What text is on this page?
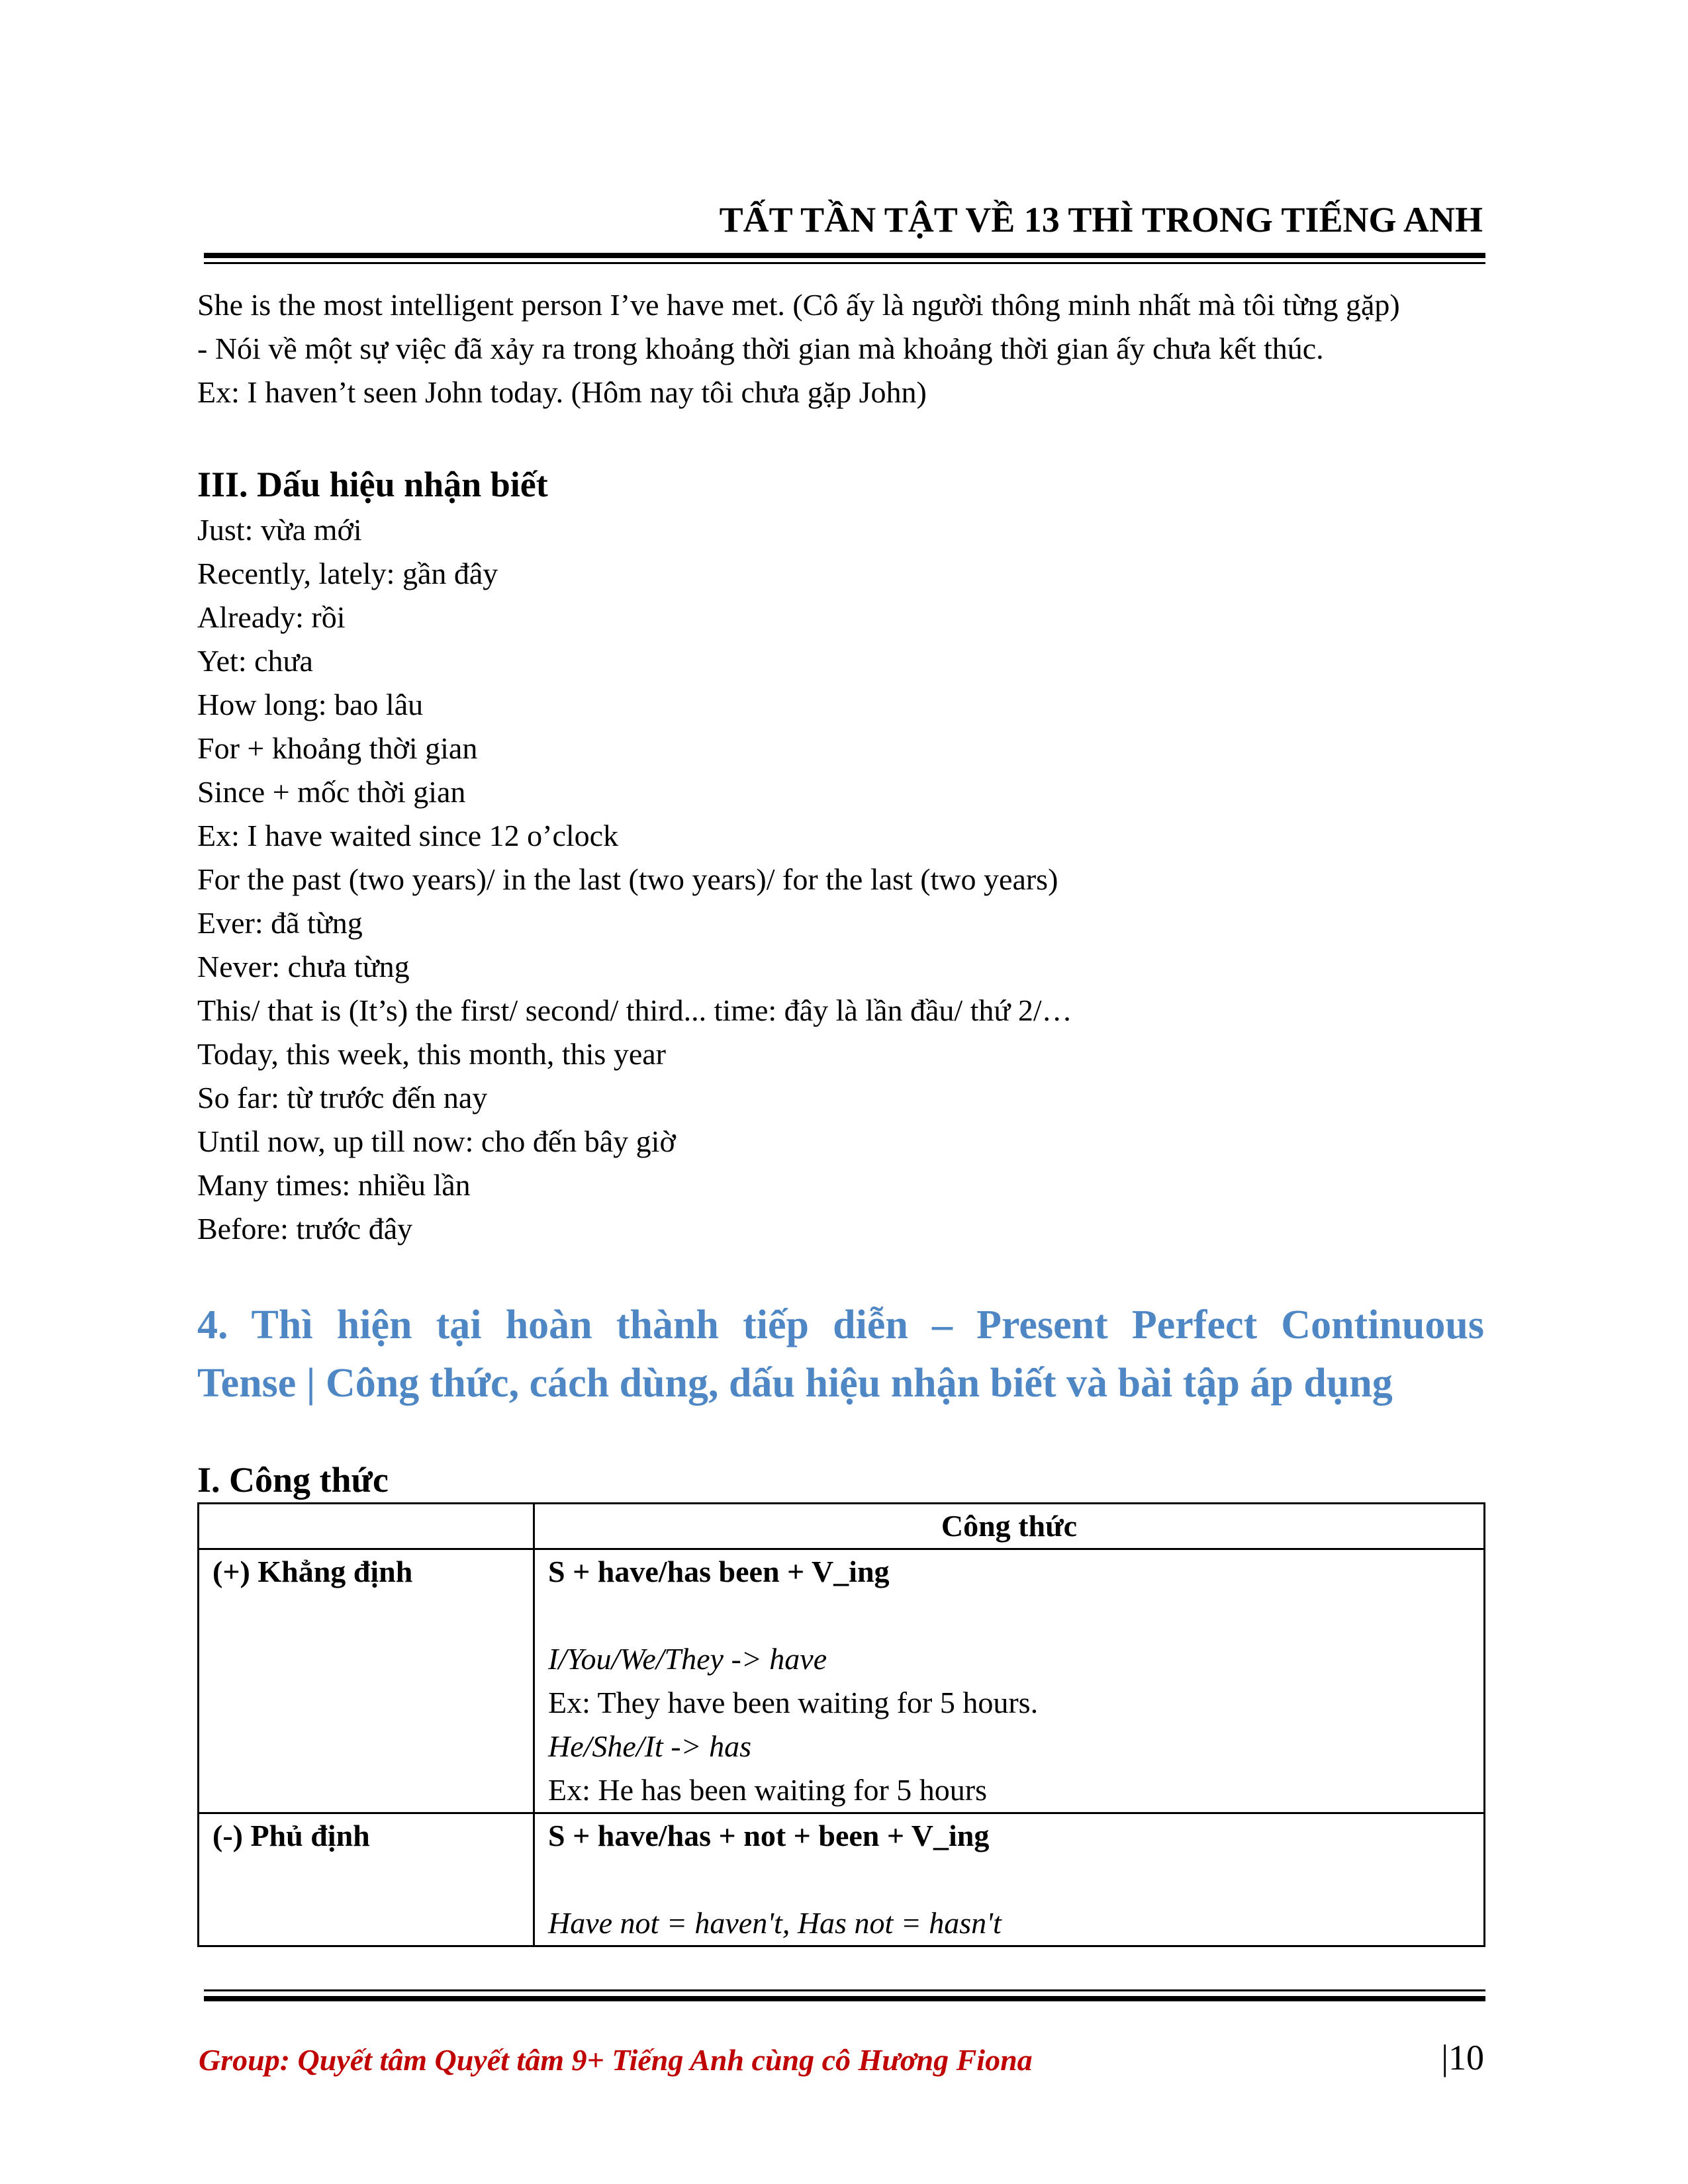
TẤT TẦN TẬT VỀ 13 THÌ TRONG TIẾNG ANH

She is the most intelligent person I’ve have met. (Cô ấy là người thông minh nhất mà tôi từng gặp)

- Nói về một sự việc đã xảy ra trong khoảng thời gian mà khoảng thời gian ấy chưa kết thúc.

Ex: I haven’t seen John today. (Hôm nay tôi chưa gặp John)

III. Dấu hiệu nhận biết

Just: vừa mới

Recently, lately: gần đây

Already: rồi

Yet: chưa

How long: bao lâu

For + khoảng thời gian

Since + mốc thời gian

Ex: I have waited since 12 o’clock

For the past (two years)/ in the last (two years)/ for the last (two years)

Ever: đã từng

Never: chưa từng

This/ that is (It’s) the first/ second/ third... time: đây là lần đầu/ thứ 2/…

Today, this week, this month, this year

So far: từ trước đến nay

Until now, up till now: cho đến bây giờ

Many times: nhiều lần

Before: trước đây

4. Thì hiện tại hoàn thành tiếp diễn – Present Perfect Continuous
Tense | Công thức, cách dùng, dấu hiệu nhận biết và bài tập áp dụng
I. Công thức
	Công thức
(+) Khẳng định	S + have/has been + V_ing
I/You/We/They -> have
Ex: They have been waiting for 5 hours.
He/She/It -> has
Ex: He has been waiting for 5 hours

(-) Phủ định	S + have/has + not + been + V_ing
Have not = haven't, Has not = hasn't
Group: Quyết tâm Quyết tâm 9+ Tiếng Anh cùng cô Hương Fiona	|10
